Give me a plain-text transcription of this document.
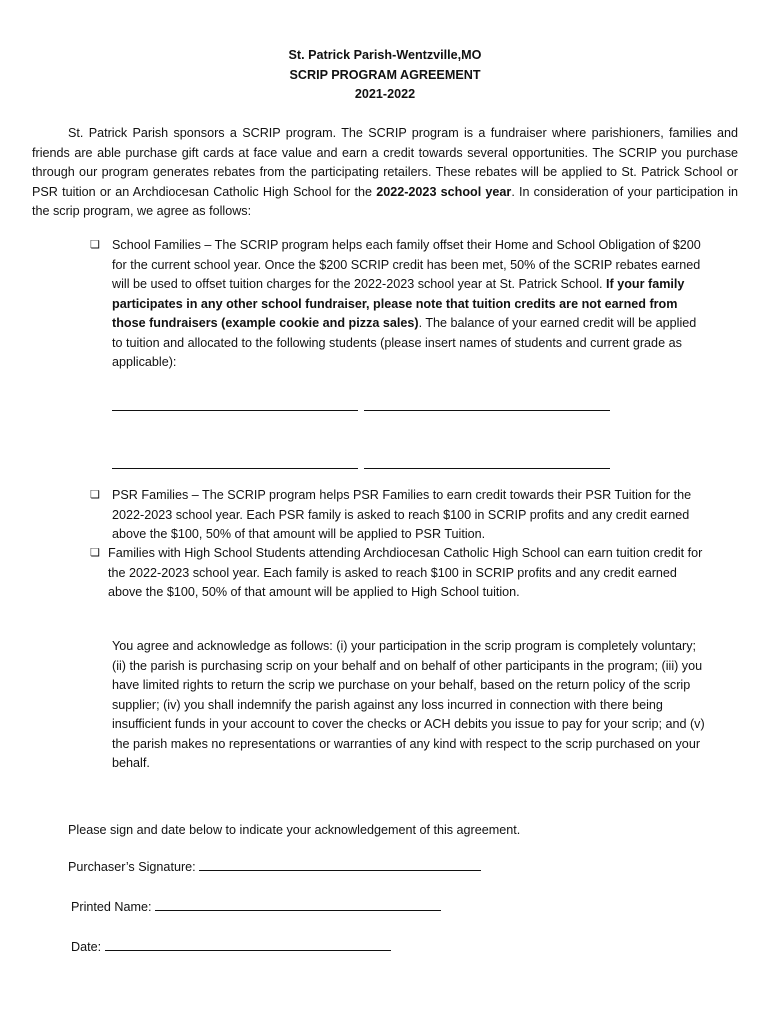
St. Patrick Parish-Wentzville,MO
SCRIP PROGRAM AGREEMENT
2021-2022
St. Patrick Parish sponsors a SCRIP program. The SCRIP program is a fundraiser where parishioners, families and friends are able purchase gift cards at face value and earn a credit towards several opportunities. The SCRIP you purchase through our program generates rebates from the participating retailers. These rebates will be applied to St. Patrick School or PSR tuition or an Archdiocesan Catholic High School for the 2022-2023 school year. In consideration of your participation in the scrip program, we agree as follows:
❏ School Families – The SCRIP program helps each family offset their Home and School Obligation of $200 for the current school year. Once the $200 SCRIP credit has been met, 50% of the SCRIP rebates earned will be used to offset tuition charges for the 2022-2023 school year at St. Patrick School. If your family participates in any other school fundraiser, please note that tuition credits are not earned from those fundraisers (example cookie and pizza sales). The balance of your earned credit will be applied to tuition and allocated to the following students (please insert names of students and current grade as applicable):
❏ PSR Families – The SCRIP program helps PSR Families to earn credit towards their PSR Tuition for the 2022-2023 school year. Each PSR family is asked to reach $100 in SCRIP profits and any credit earned above the $100, 50% of that amount will be applied to PSR Tuition.
❏ Families with High School Students attending Archdiocesan Catholic High School can earn tuition credit for the 2022-2023 school year. Each family is asked to reach $100 in SCRIP profits and any credit earned above the $100, 50% of that amount will be applied to High School tuition.
You agree and acknowledge as follows: (i) your participation in the scrip program is completely voluntary; (ii) the parish is purchasing scrip on your behalf and on behalf of other participants in the program; (iii) you have limited rights to return the scrip we purchase on your behalf, based on the return policy of the scrip supplier; (iv) you shall indemnify the parish against any loss incurred in connection with there being insufficient funds in your account to cover the checks or ACH debits you issue to pay for your scrip; and (v) the parish makes no representations or warranties of any kind with respect to the scrip purchased on your behalf.
Please sign and date below to indicate your acknowledgement of this agreement.
Purchaser’s Signature:
Printed Name:
Date:
